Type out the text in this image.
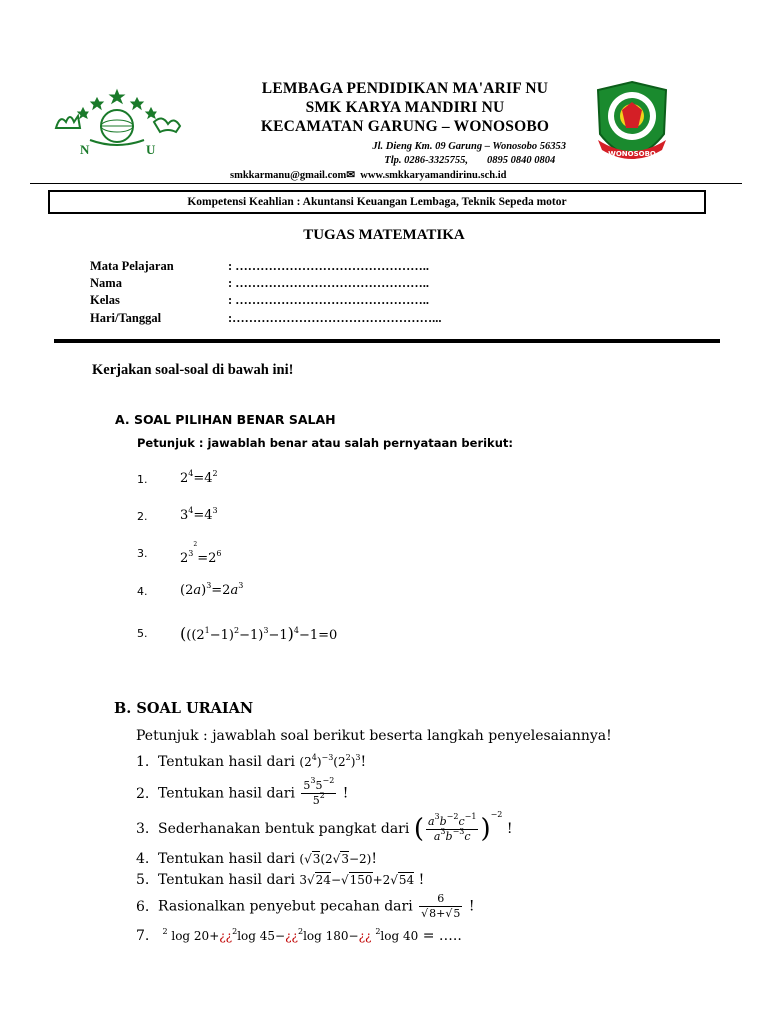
N	U	WONOSOBO
LEMBAGA PENDIDIKAN MA'ARIF NU
SMK KARYA MANDIRI NU
KECAMATAN GARUNG – WONOSOBO
Jl. Dieng Km. 09 Garung – Wonosobo 56353
Tlp. 0286-3325755,   0895 0840 0804  
smkkarmanu@gmail.com✉ www.smkkaryamandirinu.sch.id 
Kompetensi Keahlian : Akuntansi Keuangan Lembaga, Teknik Sepeda motor
TUGAS MATEMATIKA
Mata Pelajaran	: ………………………………………..
Nama	: ………………………………………..
Kelas	: ………………………………………..
Hari/Tanggal	:…………………………………………...
Kerjakan soal-soal di bawah ini!
A. SOAL PILIHAN BENAR SALAH
Petunjuk : jawablah benar atau salah pernyataan berikut:
1.	$2^4=4^2$
2.	$3^4=4^3$
3.	$2^{3^2}=2^6$
4.	$(2a)^3=2a^3$
5. $(((2^1-1)^2-1)^3-1)^4-1=0$
B. SOAL URAIAN
Petunjuk : jawablah soal berikut beserta langkah penyelesaiannya!
1. Tentukan hasil dari $(2^4)^{-3}(2^2)^3$!
2. Tentukan hasil dari $\frac{5^35^{-2}}{5^2}$ !
3. Sederhanakan bentuk pangkat dari ( $\frac{a^3b^{-2}c^{-1}}{a^3b^{-3}c} )^{-2}$ !
4. Tentukan hasil dari (√3(2√3−2)!
5. Tentukan hasil dari 3√24−√150+2√54 !
6. Rasionalkan penyebut pecahan dari $\frac{6}{√8+√5}$ !
7. $^2$ log 20+¿¿$^2$log 45−¿¿$^2$log 180−¿¿ $^2$log 40 = …..
